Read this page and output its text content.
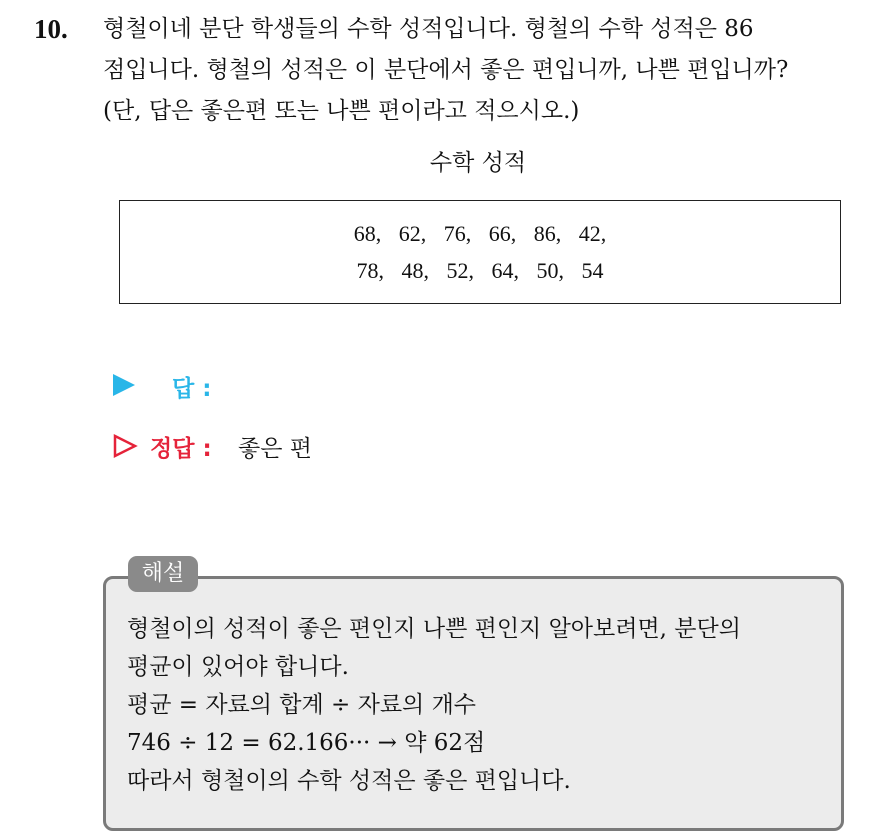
10. 형철이네 분단 학생들의 수학 성적입니다. 형철의 수학 성적은 86
점입니다. 형철의 성적은 이 분단에서 좋은 편입니까, 나쁜 편입니까?
(단, 답은 좋은편 또는 나쁜 편이라고 적으시오.)
수학 성적
68, 62, 76, 66, 86, 42,
78, 48, 52, 64, 50, 54
답 :
정답 : 좋은 편
해설
형철이의 성적이 좋은 편인지 나쁜 편인지 알아보려면, 분단의
평균이 있어야 합니다.
평균 = 자료의 합계 ÷ 자료의 개수
746 ÷ 12 = 62.166··· → 약 62점
따라서 형철이의 수학 성적은 좋은 편입니다.
